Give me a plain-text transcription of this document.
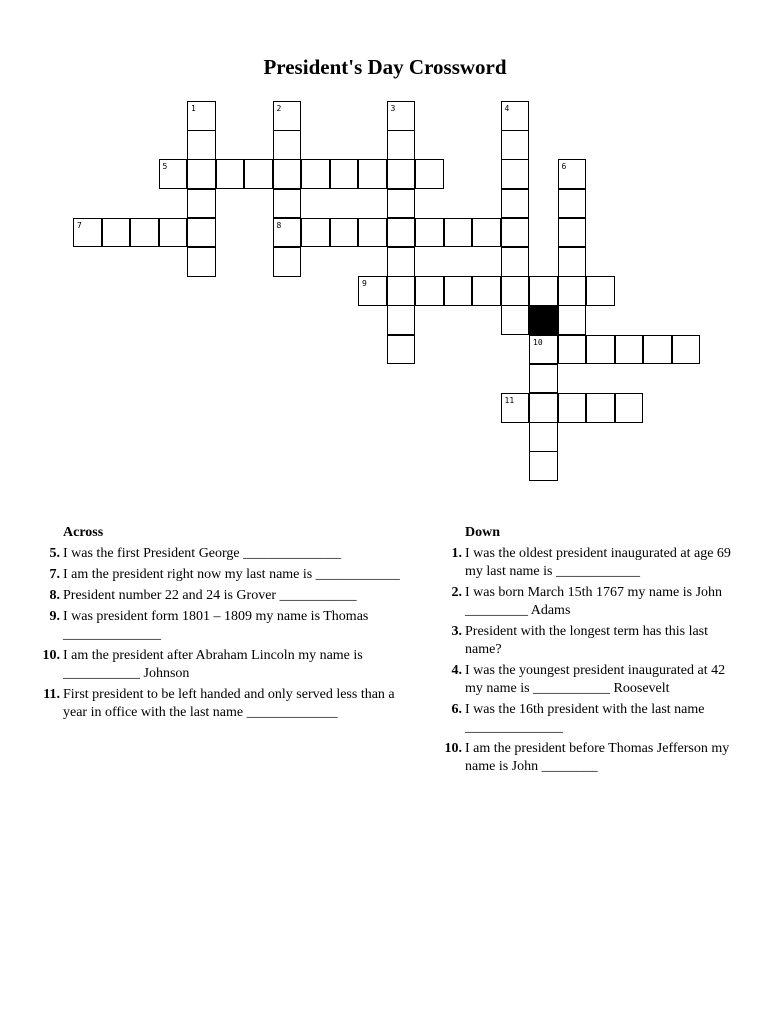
President's Day Crossword
1	2	3	4
5	6
7	8
9
10
11
Across
5. I was the first President George ______________
7. I am the president right now my last name is ____________
8. President number 22 and 24 is Grover ___________
9. I was president form 1801 – 1809 my name is Thomas ______________
10. I am the president after Abraham Lincoln my name is ___________ Johnson
11. First president to be left handed and only served less than a year in office with the last name _____________
Down
1. I was the oldest president inaugurated at age 69 my last name is ____________
2. I was born March 15th 1767 my name is John _________ Adams
3. President with the longest term has this last name?
4. I was the youngest president inaugurated at 42 my name is ___________ Roosevelt
6. I was the 16th president with the last name ______________
10. I am the president before Thomas Jefferson my name is John ________
